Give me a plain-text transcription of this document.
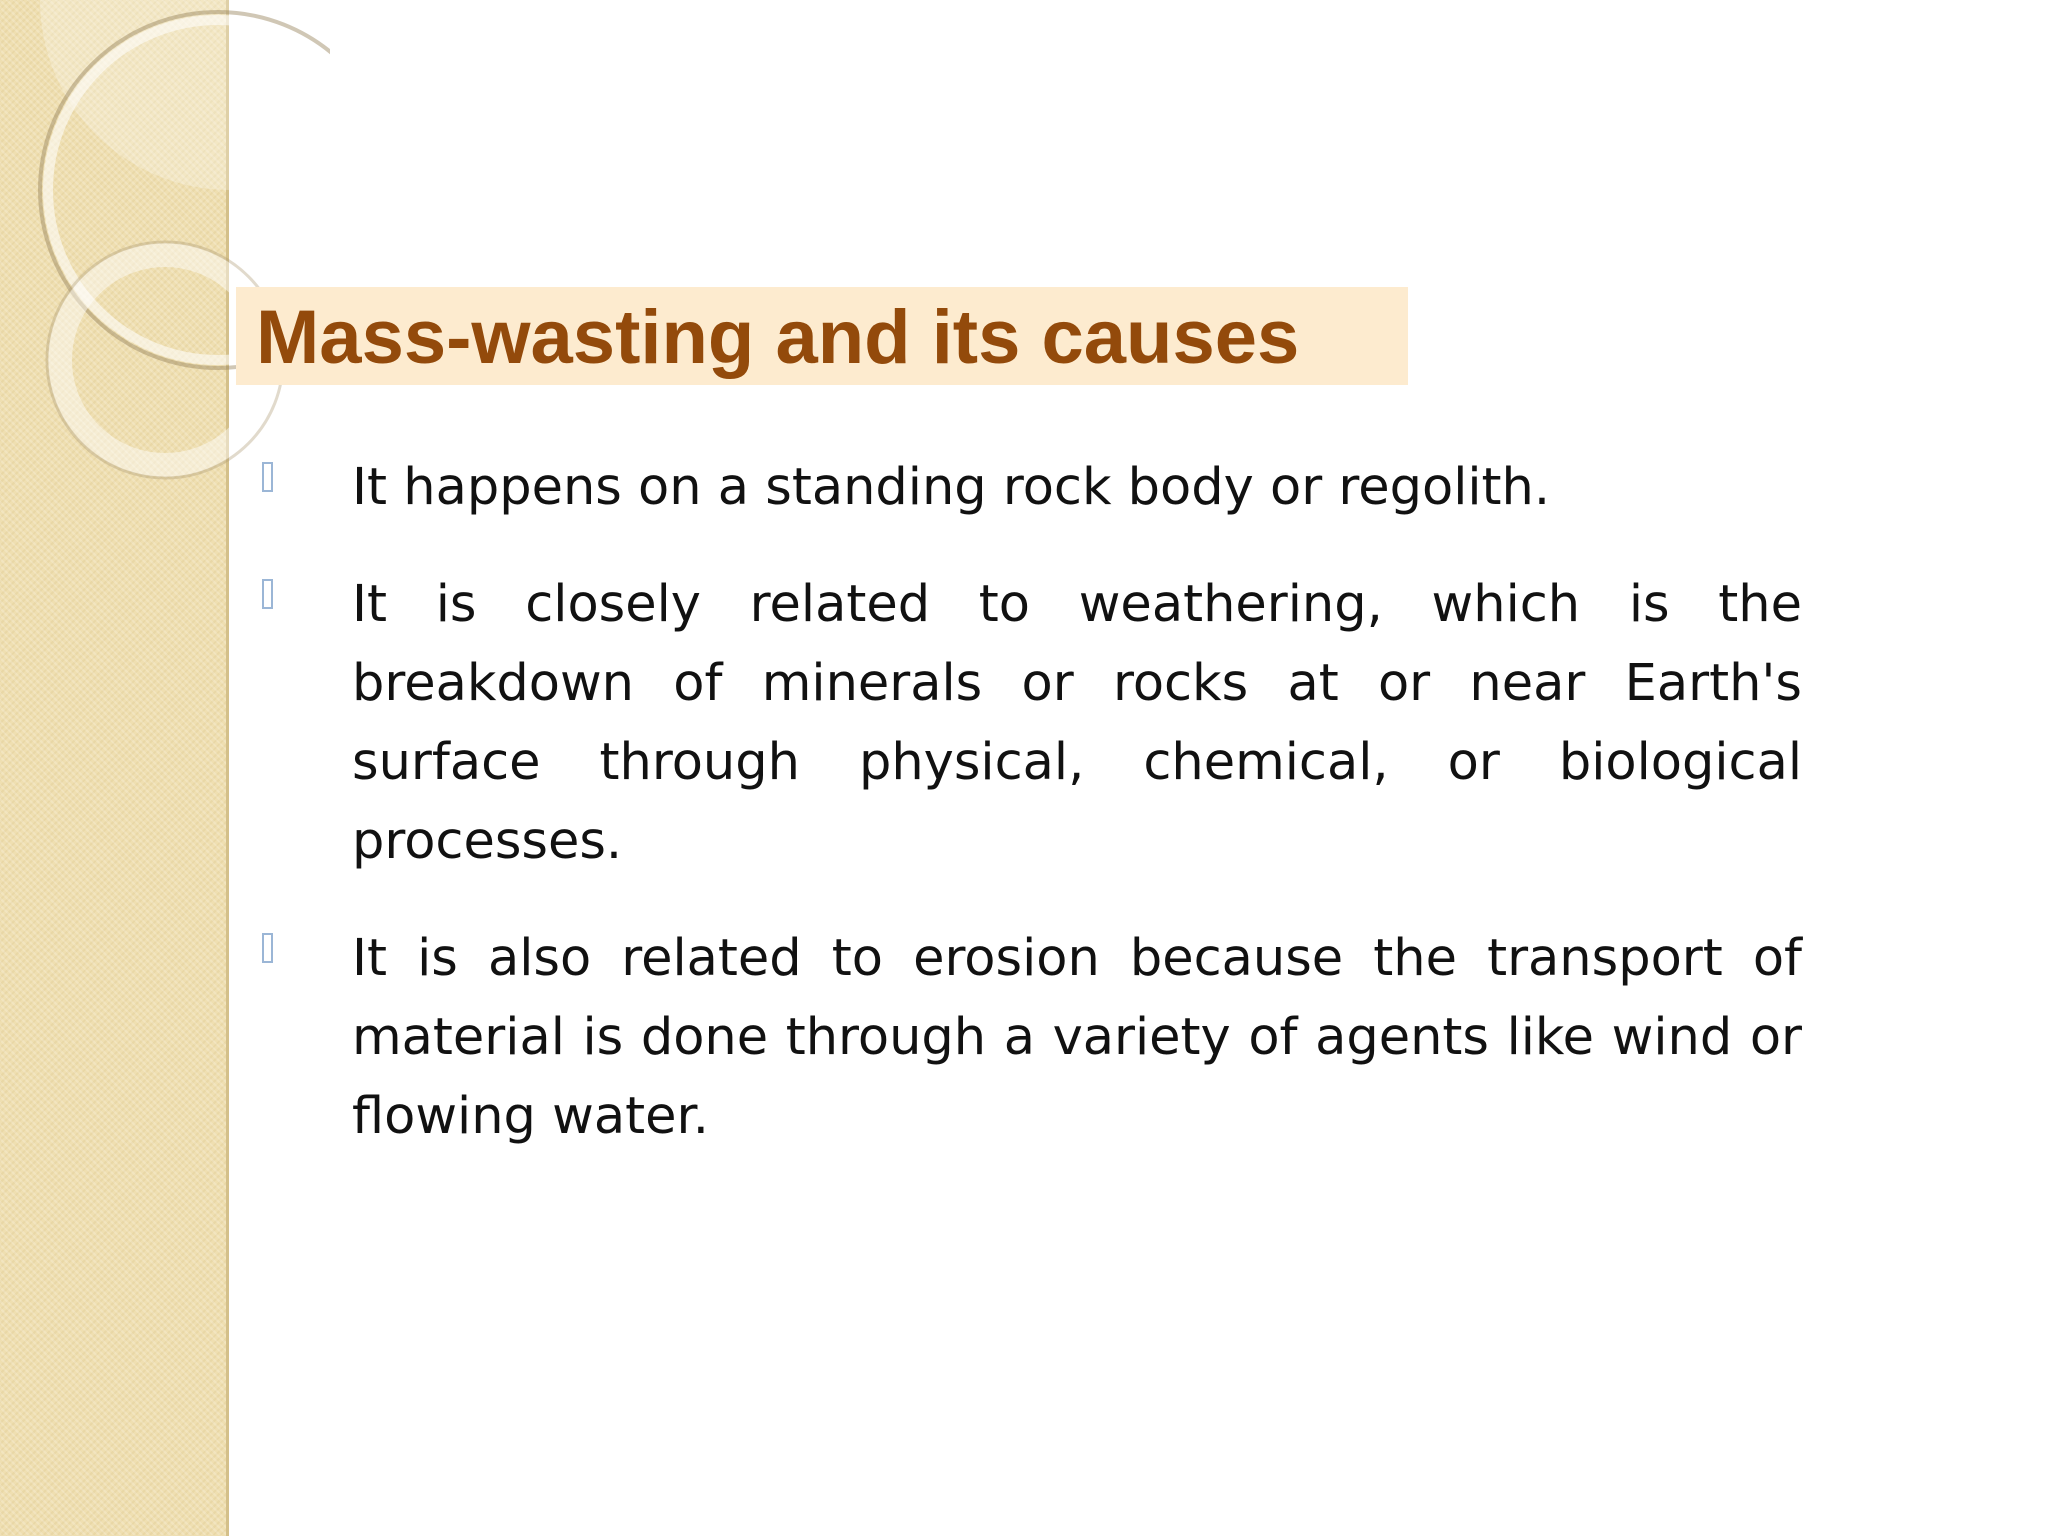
Mass-wasting and its causes
It happens on a standing rock body or regolith.
It is closely related to weathering, which is the breakdown of minerals or rocks at or near Earth's surface through physical, chemical, or biological processes.
It is also related to erosion because the transport of material is done through a variety of agents like wind or flowing water.
